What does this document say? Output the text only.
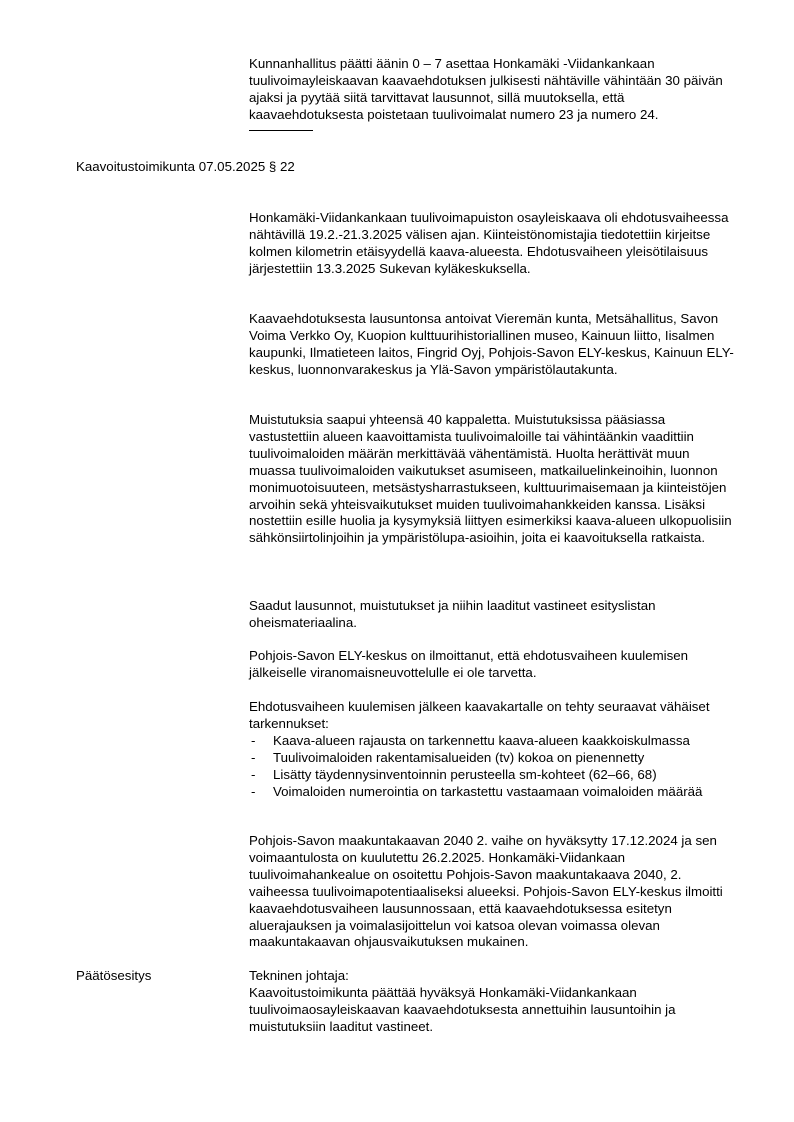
Kunnanhallitus päätti äänin 0 – 7 asettaa Honkamäki -Viidankankaan tuulivoimayleiskaavan kaavaehdotuksen julkisesti nähtäville vähintään 30 päivän ajaksi ja pyytää siitä tarvittavat lausunnot, sillä muutoksella, että kaavaehdotuksesta poistetaan tuulivoimalat numero 23 ja numero 24.

Kaavoitustoimikunta 07.05.2025 § 22

Honkamäki-Viidankankaan tuulivoimapuiston osayleiskaava oli ehdotusvaiheessa nähtävillä 19.2.-21.3.2025 välisen ajan. Kiinteistönomistajia tiedotettiin kirjeitse kolmen kilometrin etäisyydellä kaava-alueesta. Ehdotusvaiheen yleisötilaisuus järjestettiin 13.3.2025 Sukevan kyläkeskuksella.

Kaavaehdotuksesta lausuntonsa antoivat Vieremän kunta, Metsähallitus, Savon Voima Verkko Oy, Kuopion kulttuurihistoriallinen museo, Kainuun liitto, Iisalmen kaupunki, Ilmatieteen laitos, Fingrid Oyj, Pohjois-Savon ELY-keskus, Kainuun ELY-keskus, luonnonvarakeskus ja Ylä-Savon ympäristölautakunta.

Muistutuksia saapui yhteensä 40 kappaletta. Muistutuksissa pääsiassa vastustettiin alueen kaavoittamista tuulivoimaloille tai vähintäänkin vaadittiin tuulivoimaloiden määrän merkittävää vähentämistä. Huolta herättivät muun muassa tuulivoimaloiden vaikutukset asumiseen, matkailuelinkeinoihin, luonnon monimuotoisuuteen, metsästysharrastukseen, kulttuurimaisemaan ja kiinteistöjen arvoihin sekä yhteisvaikutukset muiden tuulivoimahankkeiden kanssa. Lisäksi nostettiin esille huolia ja kysymyksiä liittyen esimerkiksi kaava-alueen ulkopuolisiin sähkönsiirtolinjoihin ja ympäristölupa-asioihin, joita ei kaavoituksella ratkaista.

Saadut lausunnot, muistutukset ja niihin laaditut vastineet esityslistan oheismateriaalina.

Pohjois-Savon ELY-keskus on ilmoittanut, että ehdotusvaiheen kuulemisen jälkeiselle viranomaisneuvottelulle ei ole tarvetta.

Ehdotusvaiheen kuulemisen jälkeen kaavakartalle on tehty seuraavat vähäiset tarkennukset:

- Kaava-alueen rajausta on tarkennettu kaava-alueen kaakkoiskulmassa
- Tuulivoimaloiden rakentamisalueiden (tv) kokoa on pienennetty
- Lisätty täydennysinventoinnin perusteella sm-kohteet (62–66, 68)
- Voimaloiden numerointia on tarkastettu vastaamaan voimaloiden määrää

Pohjois-Savon maakuntakaavan 2040 2. vaihe on hyväksytty 17.12.2024 ja sen voimaantulosta on kuulutettu 26.2.2025. Honkamäki-Viidankaan tuulivoimahankealue on osoitettu Pohjois-Savon maakuntakaava 2040, 2. vaiheessa tuulivoimapotentiaaliseksi alueeksi. Pohjois-Savon ELY-keskus ilmoitti kaavaehdotusvaiheen lausunnossaan, että kaavaehdotuksessa esitetyn aluerajauksen ja voimalasijoittelun voi katsoa olevan voimassa olevan maakuntakaavan ohjausvaikutuksen mukainen.

Päätösesitys	Tekninen johtaja:

Kaavoitustoimikunta päättää hyväksyä Honkamäki-Viidankankaan tuulivoimaosayleiskaavan kaavaehdotuksesta annettuihin lausuntoihin ja muistutuksiin laaditut vastineet.
